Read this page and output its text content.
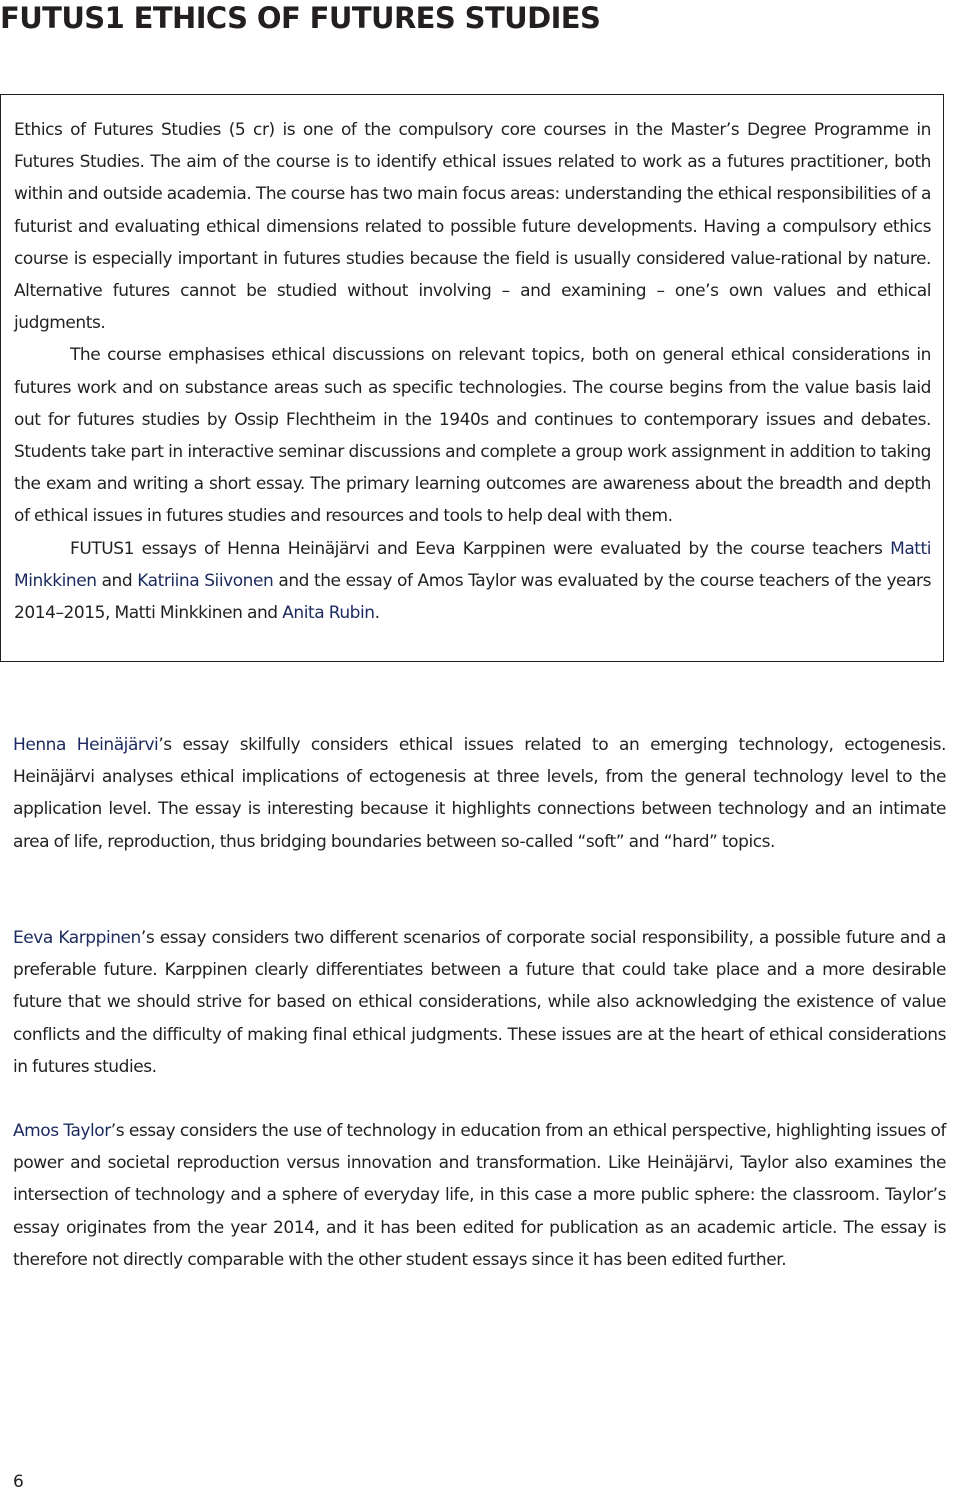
FUTUS1 ETHICS OF FUTURES STUDIES

Ethics of Futures Studies (5 cr) is one of the compulsory core courses in the Master’s Degree Programme in Futures Studies. The aim of the course is to identify ethical issues related to work as a futures practitioner, both within and outside academia. The course has two main focus areas: understanding the ethical responsibilities of a futurist and evaluating ethical dimensions related to possible future developments. Having a compulsory ethics course is especially important in futures studies because the field is usually considered value-rational by nature. Alternative futures cannot be studied without involving – and examining – one’s own values and ethical judgments.

The course emphasises ethical discussions on relevant topics, both on general ethical considerations in futures work and on substance areas such as specific technologies. The course begins from the value basis laid out for futures studies by Ossip Flechtheim in the 1940s and continues to contemporary issues and debates. Students take part in interactive seminar discussions and complete a group work assignment in addition to taking the exam and writing a short essay. The primary learning outcomes are awareness about the breadth and depth of ethical issues in futures studies and resources and tools to help deal with them.

FUTUS1 essays of Henna Heinäjärvi and Eeva Karppinen were evaluated by the course teachers Matti Minkkinen and Katriina Siivonen and the essay of Amos Taylor was evaluated by the course teachers of the years 2014–2015, Matti Minkkinen and Anita Rubin.

Henna Heinäjärvi’s essay skilfully considers ethical issues related to an emerging technology, ectogenesis. Heinäjärvi analyses ethical implications of ectogenesis at three levels, from the general technology level to the application level. The essay is interesting because it highlights connections between technology and an intimate area of life, reproduction, thus bridging boundaries between so-called “soft” and “hard” topics.

Eeva Karppinen’s essay considers two different scenarios of corporate social responsibility, a possible future and a preferable future. Karppinen clearly differentiates between a future that could take place and a more desirable future that we should strive for based on ethical considerations, while also acknowledging the existence of value conflicts and the difficulty of making final ethical judgments. These issues are at the heart of ethical considerations in futures studies.

Amos Taylor’s essay considers the use of technology in education from an ethical perspective, highlighting issues of power and societal reproduction versus innovation and transformation. Like Heinäjärvi, Taylor also examines the intersection of technology and a sphere of everyday life, in this case a more public sphere: the classroom. Taylor’s essay originates from the year 2014, and it has been edited for publication as an academic article. The essay is therefore not directly comparable with the other student essays since it has been edited further.

6
